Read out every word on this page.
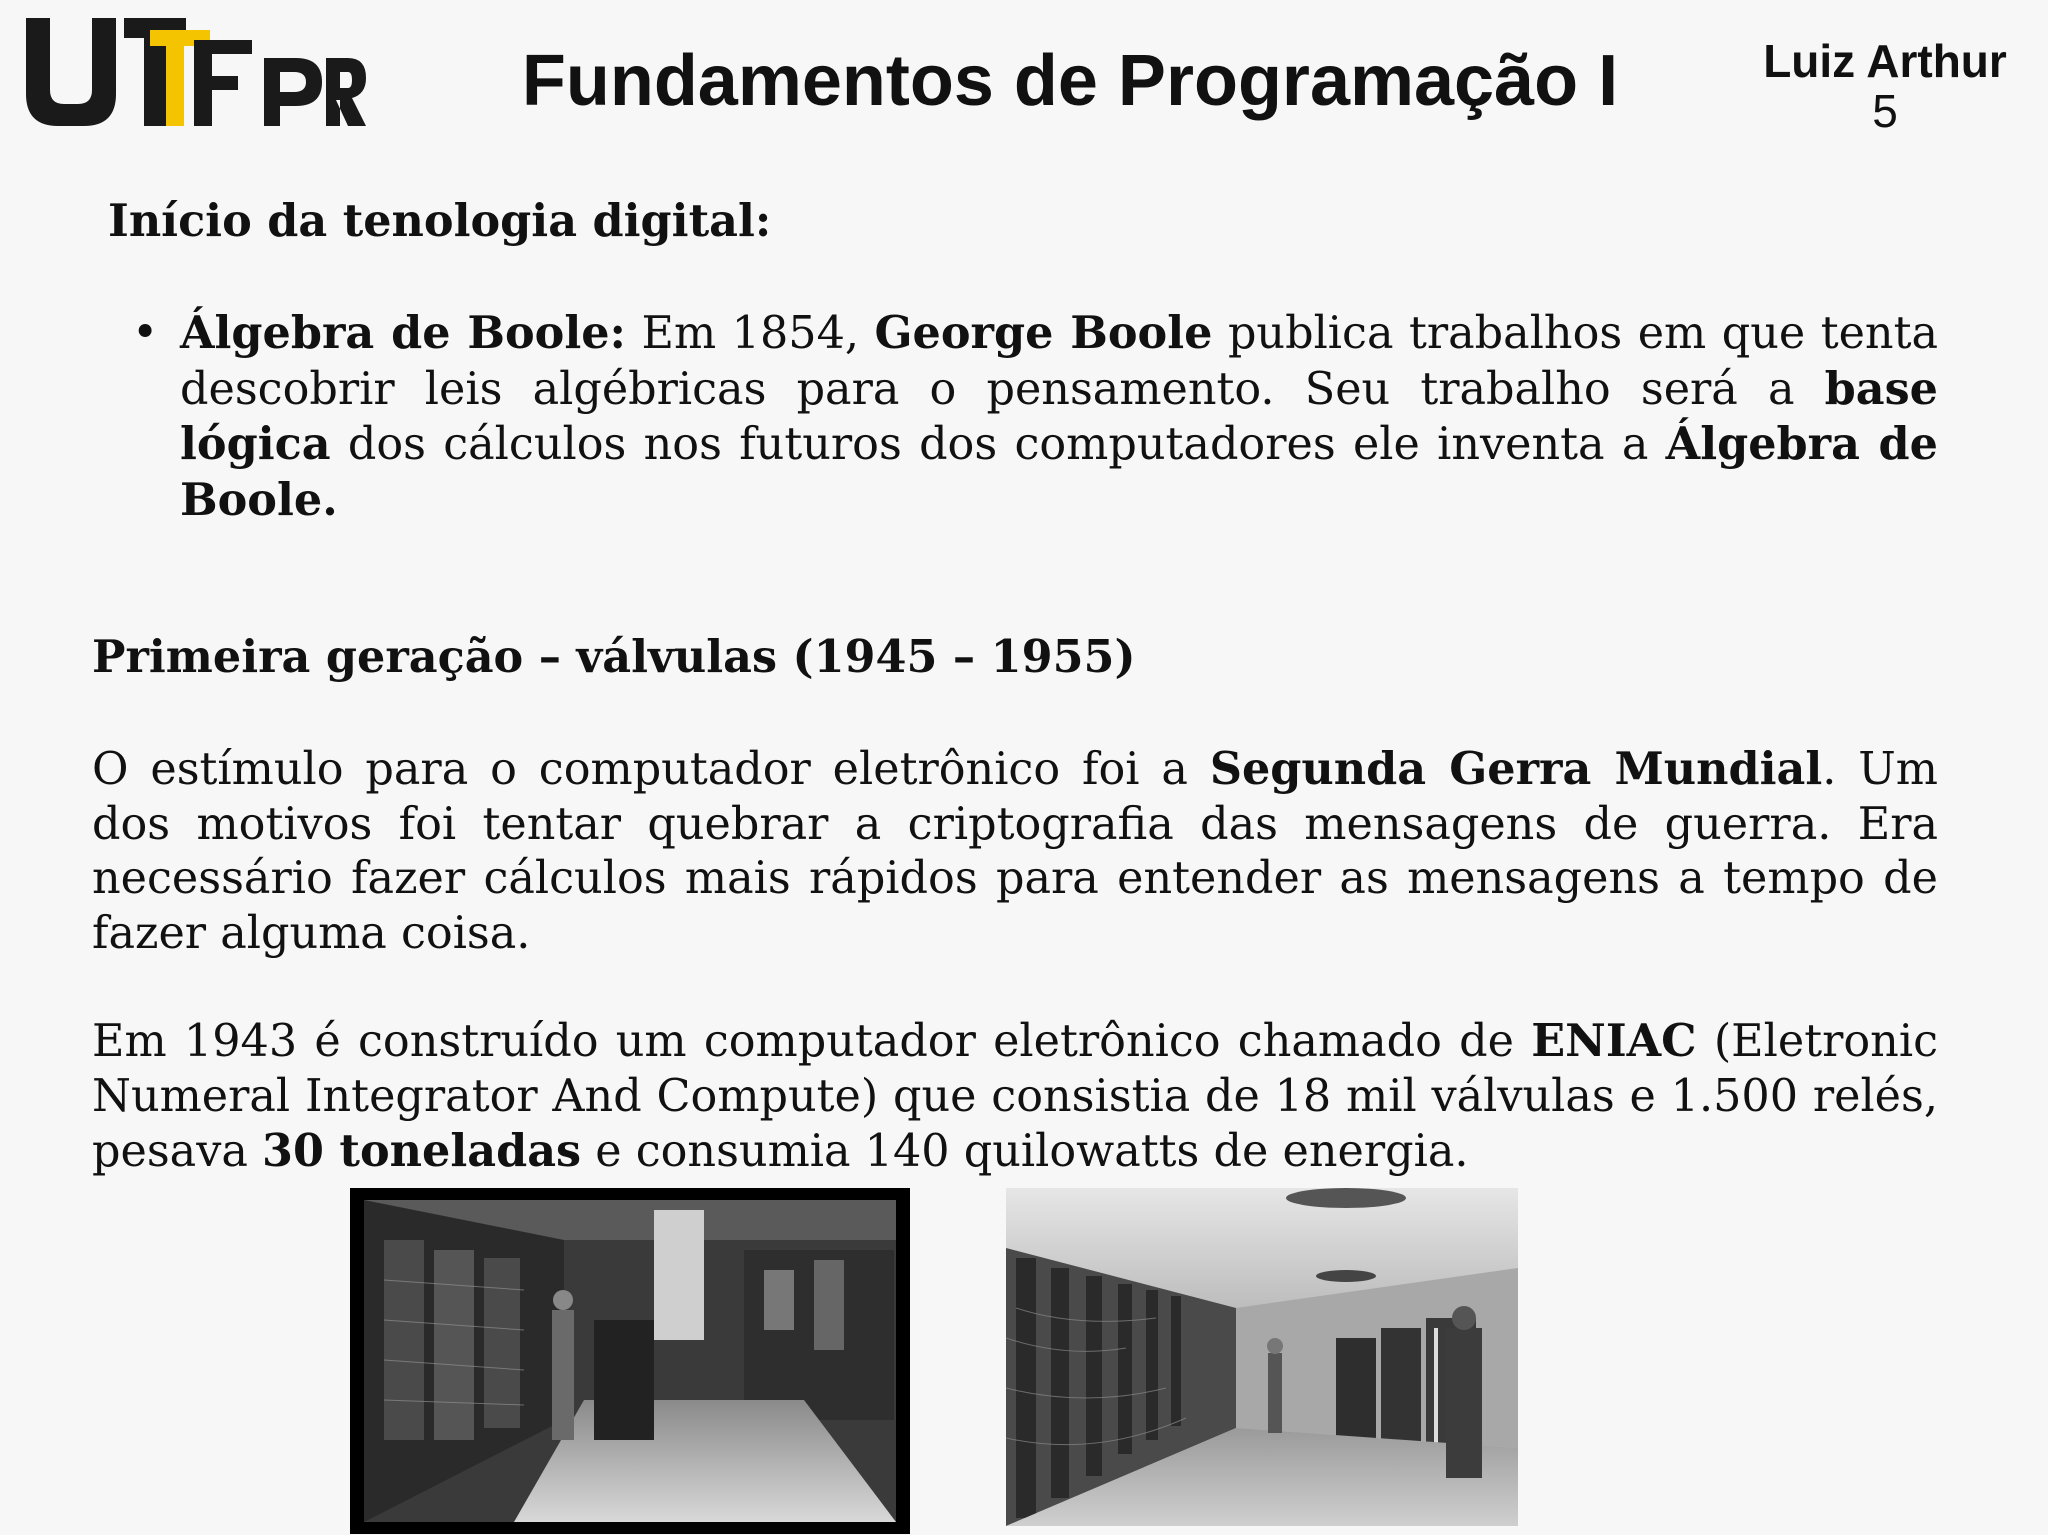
Fundamentos de Programação I	Luiz Arthur
5
Início da tenologia digital:
• Álgebra de Boole: Em 1854, George Boole publica trabalhos em que tenta descobrir leis algébricas para o pensamento. Seu trabalho será a base lógica dos cálculos nos futuros dos computadores ele inventa a Álgebra de Boole.
Primeira geração – válvulas (1945 – 1955)
O estímulo para o computador eletrônico foi a Segunda Gerra Mundial. Um dos motivos foi tentar quebrar a criptografia das mensagens de guerra. Era necessário fazer cálculos mais rápidos para entender as mensagens a tempo de fazer alguma coisa.
Em 1943 é construído um computador eletrônico chamado de ENIAC (Eletronic Numeral Integrator And Compute) que consistia de 18 mil válvulas e 1.500 relés, pesava 30 toneladas e consumia 140 quilowatts de energia.
